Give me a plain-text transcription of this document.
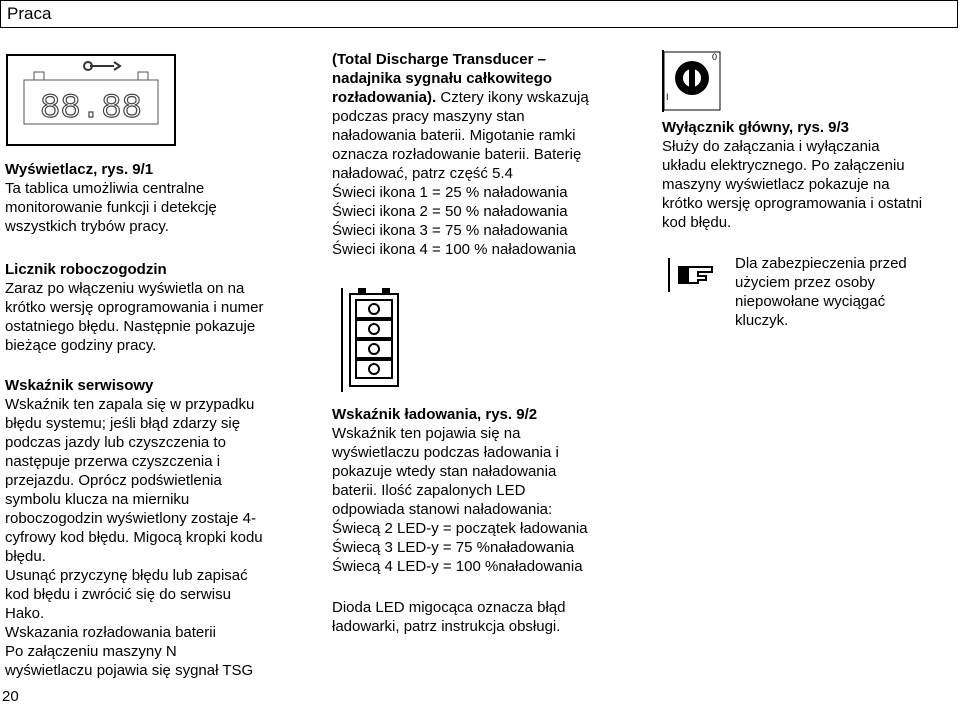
Praca
88.88

Wyświetlacz, rys. 9/1

Ta tablica umożliwia centralne

monitorowanie funkcji i detekcję

wszystkich trybów pracy.

Licznik roboczogodzin

Zaraz po włączeniu wyświetla on na

krótko wersję oprogramowania i numer

ostatniego błędu. Następnie pokazuje

bieżące godziny pracy.

Wskaźnik serwisowy

Wskaźnik ten zapala się w przypadku

błędu systemu; jeśli błąd zdarzy się

podczas jazdy lub czyszczenia to

następuje przerwa czyszczenia i

przejazdu. Oprócz podświetlenia

symbolu klucza na mierniku

roboczogodzin wyświetlony zostaje 4-

cyfrowy kod błędu. Migocą kropki kodu

błędu.

Usunąć przyczynę błędu lub zapisać

kod błędu i zwrócić się do serwisu

Hako.

Wskazania rozładowania baterii

Po załączeniu maszyny N

wyświetlaczu pojawia się sygnał TSG

20

(Total Discharge Transducer –

nadajnika sygnału całkowitego

rozładowania). Cztery ikony wskazują

podczas pracy maszyny stan

naładowania baterii. Migotanie ramki

oznacza rozładowanie baterii. Baterię

naładować, patrz część 5.4

Świeci ikona 1 = 25 % naładowania

Świeci ikona 2 = 50 % naładowania

Świeci ikona 3 = 75 % naładowania

Świeci ikona 4 = 100 % naładowania

Wskaźnik ładowania, rys. 9/2

Wskaźnik ten pojawia się na

wyświetlaczu podczas ładowania i

pokazuje wtedy stan naładowania

baterii. Ilość zapalonych LED

odpowiada stanowi naładowania:

Świecą 2 LED-y = początek ładowania

Świecą 3 LED-y = 75 %naładowania

Świecą 4 LED-y = 100 %naładowania

Dioda LED migocąca oznacza błąd

ładowarki, patrz instrukcja obsługi.

I
0

Wyłącznik główny, rys. 9/3

Służy do załączania i wyłączania

układu elektrycznego. Po załączeniu

maszyny wyświetlacz pokazuje na

krótko wersję oprogramowania i ostatni

kod błędu.

Dla zabezpieczenia przed

użyciem przez osoby

niepowołane wyciągać

kluczyk.
